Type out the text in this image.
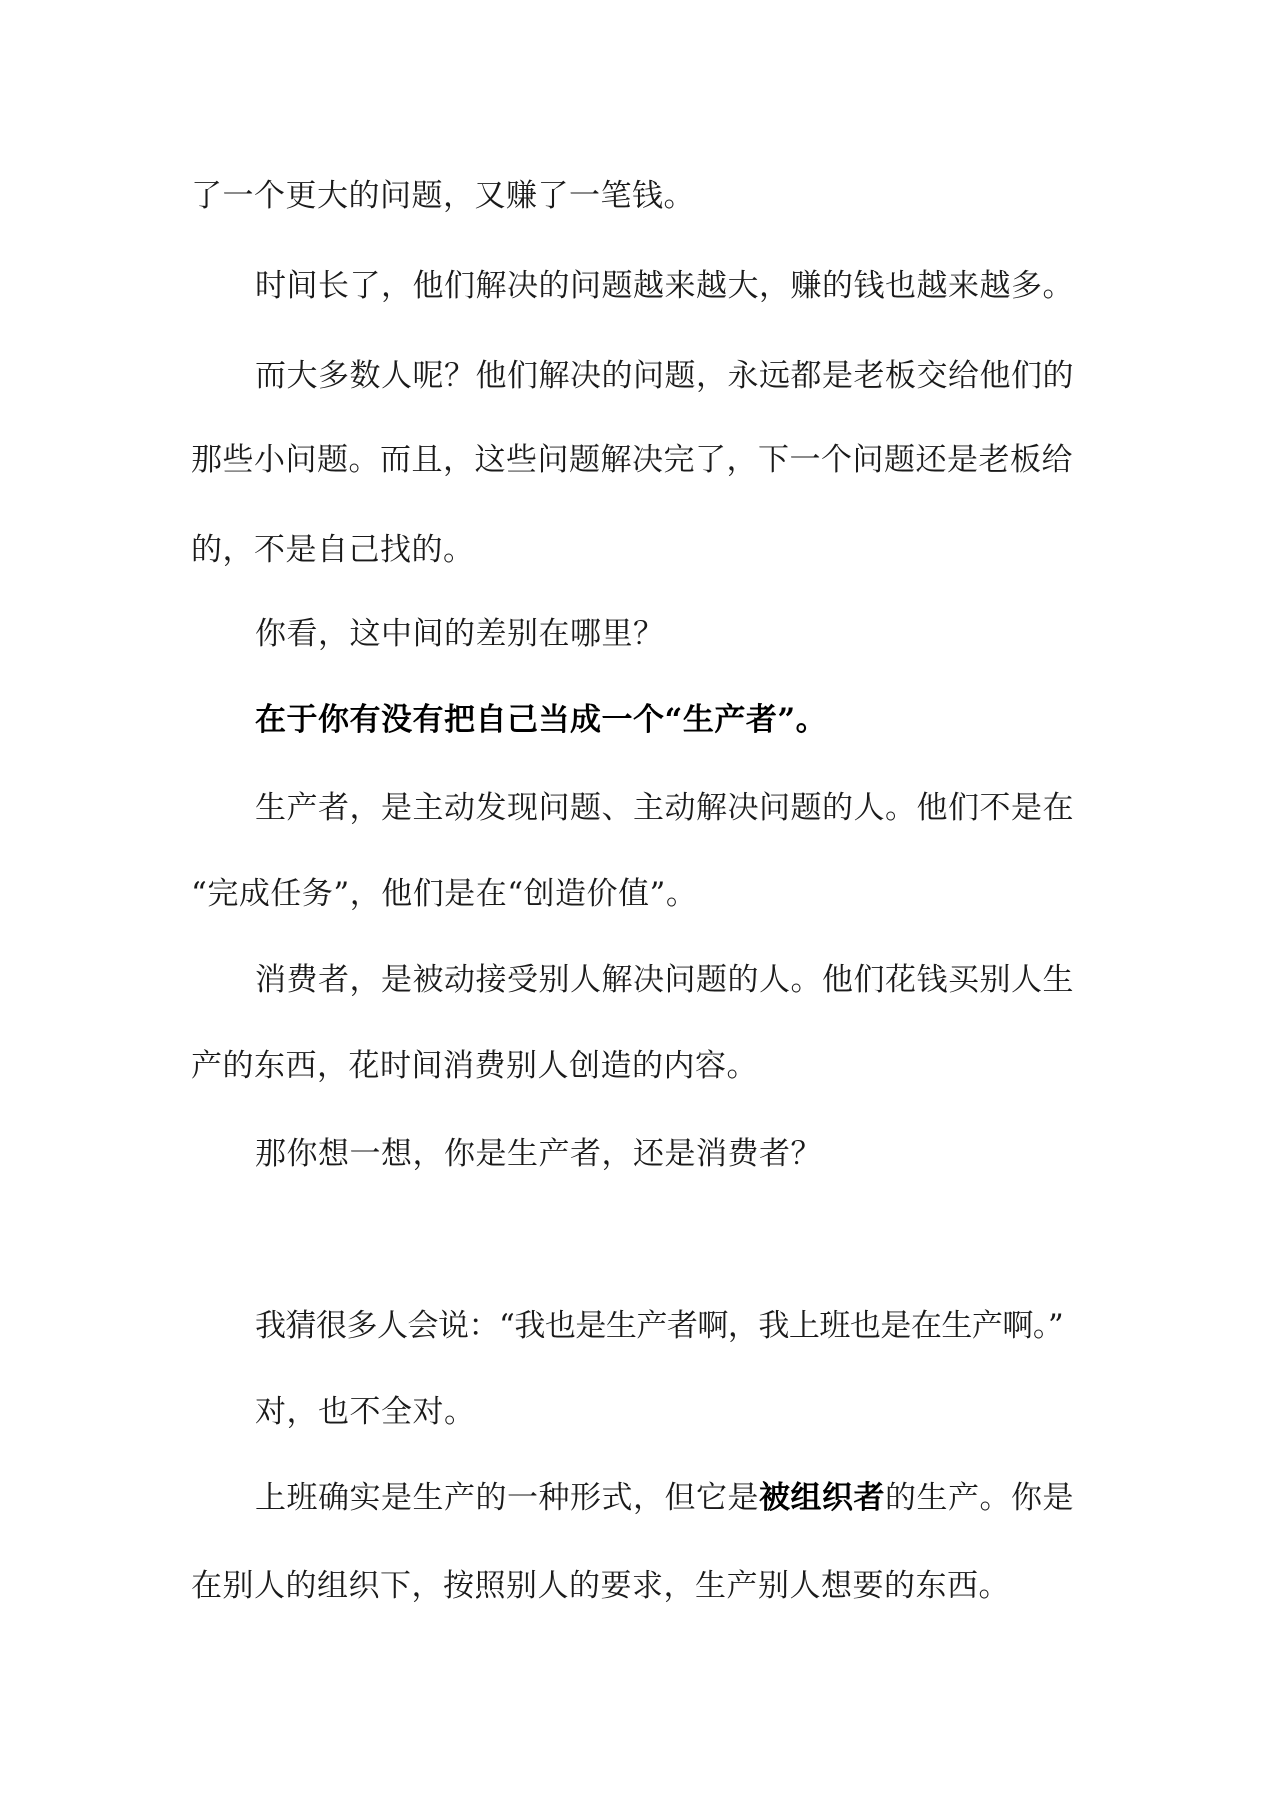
了一个更大的问题，又赚了一笔钱。
时间长了，他们解决的问题越来越大，赚的钱也越来越多。
而大多数人呢？他们解决的问题，永远都是老板交给他们的
那些小问题。而且，这些问题解决完了，下一个问题还是老板给
的，不是自己找的。
你看，这中间的差别在哪里？
在于你有没有把自己当成一个“生产者”。
生产者，是主动发现问题、主动解决问题的人。他们不是在
“完成任务”，他们是在“创造价值”。
消费者，是被动接受别人解决问题的人。他们花钱买别人生
产的东西，花时间消费别人创造的内容。
那你想一想，你是生产者，还是消费者？
我猜很多人会说：“我也是生产者啊，我上班也是在生产啊。”
对，也不全对。
上班确实是生产的一种形式，但它是被组织者的生产。你是
在别人的组织下，按照别人的要求，生产别人想要的东西。
